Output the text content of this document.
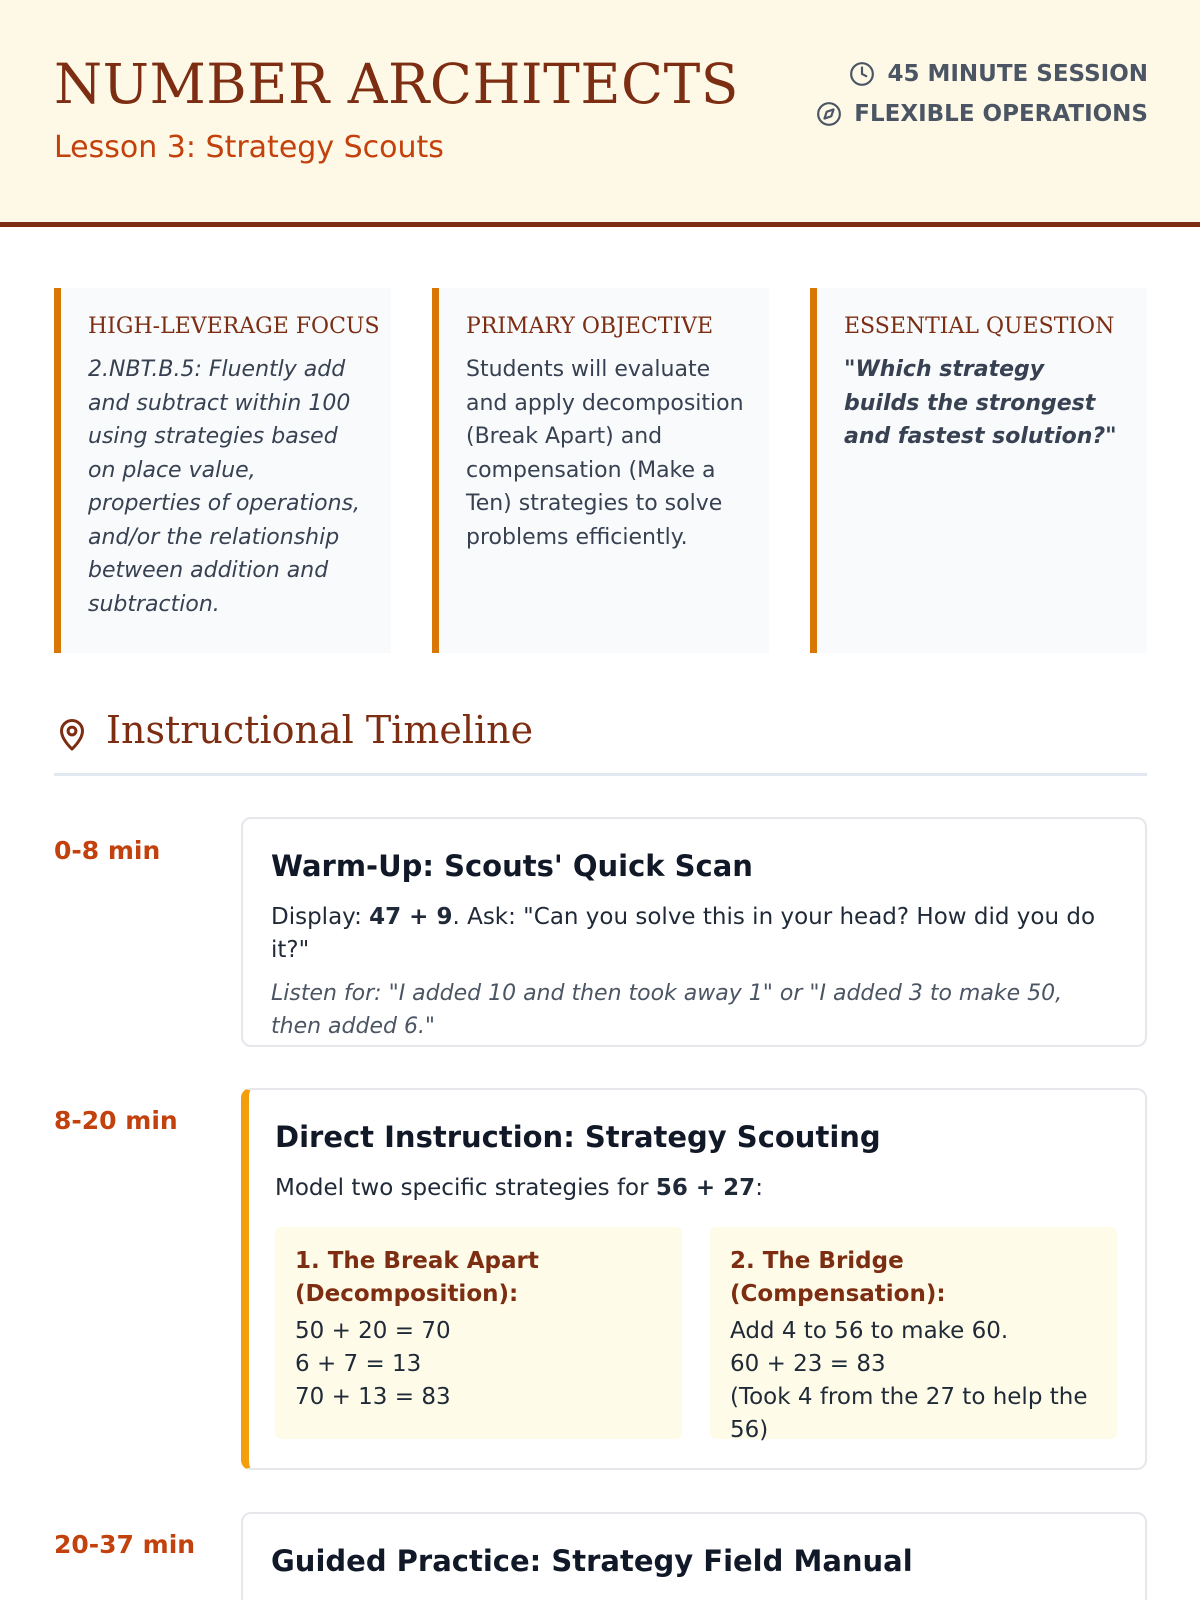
NUMBER ARCHITECTS
Lesson 3: Strategy Scouts
45 MINUTE SESSION
FLEXIBLE OPERATIONS
HIGH-LEVERAGE FOCUS
2.NBT.B.5: Fluently add and subtract within 100 using strategies based on place value, properties of operations, and/or the relationship between addition and subtraction.
PRIMARY OBJECTIVE
Students will evaluate and apply decomposition (Break Apart) and compensation (Make a Ten) strategies to solve problems efficiently.
ESSENTIAL QUESTION
"Which strategy builds the strongest and fastest solution?"
Instructional Timeline
0-8 min	Warm-Up: Scouts' Quick Scan
Display: 47 + 9. Ask: "Can you solve this in your head? How did you do it?"
Listen for: "I added 10 and then took away 1" or "I added 3 to make 50, then added 6."
8-20 min	Direct Instruction: Strategy Scouting
Model two specific strategies for 56 + 27:
1. The Break Apart (Decomposition):
50 + 20 = 70
6 + 7 = 13
70 + 13 = 83
2. The Bridge (Compensation):
Add 4 to 56 to make 60.
60 + 23 = 83
(Took 4 from the 27 to help the 56)
20-37 min	Guided Practice: Strategy Field Manual
